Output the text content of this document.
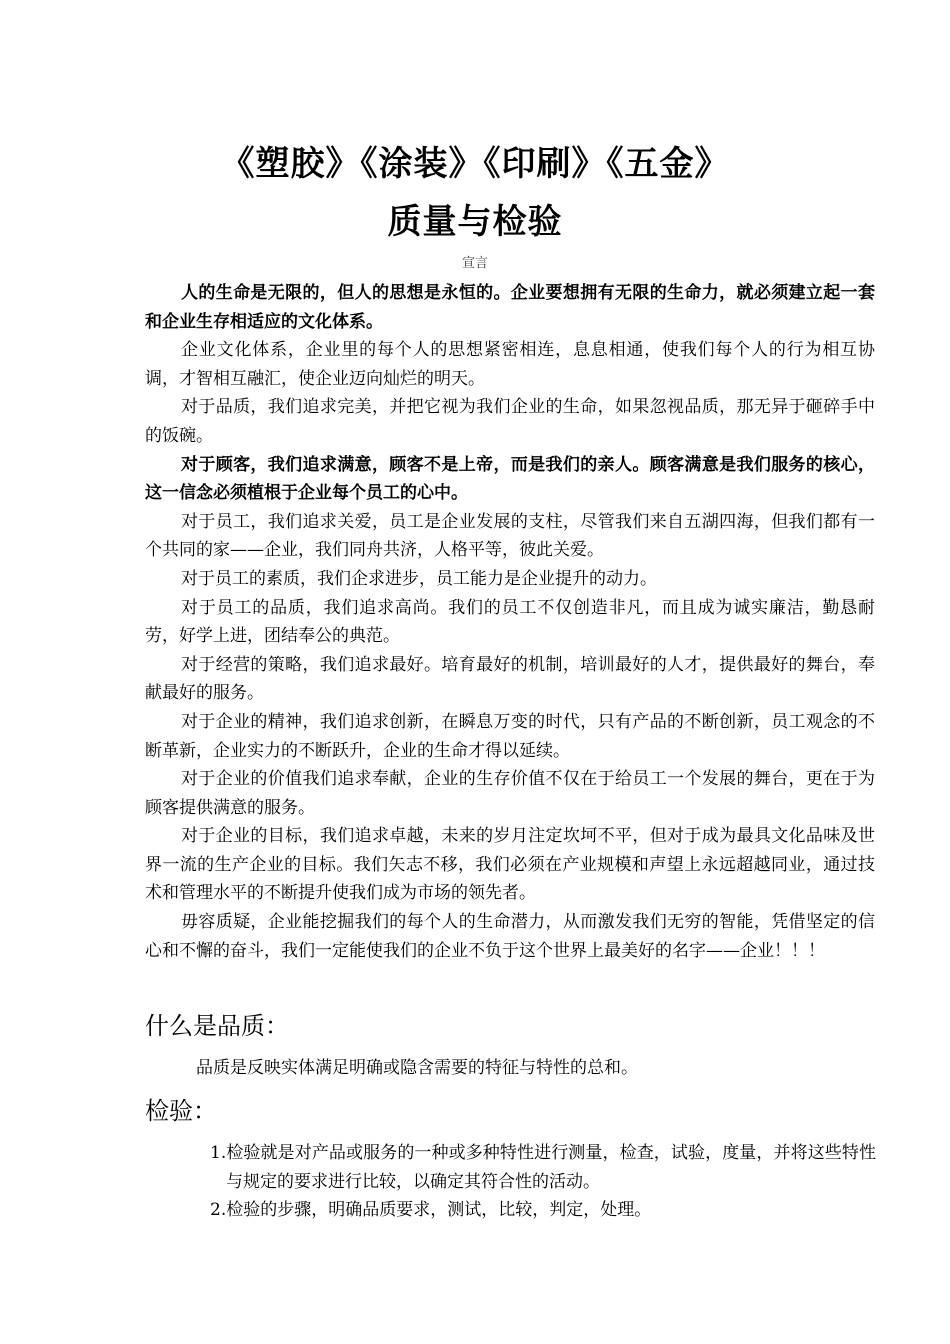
《塑胶》《涂装》《印刷》《五金》
质量与检验
宣言

人的生命是无限的，但人的思想是永恒的。企业要想拥有无限的生命力，就必须建立起一套和企业生存相适应的文化体系。

企业文化体系，企业里的每个人的思想紧密相连，息息相通，使我们每个人的行为相互协调，才智相互融汇，使企业迈向灿烂的明天。

对于品质，我们追求完美，并把它视为我们企业的生命，如果忽视品质，那无异于砸碎手中的饭碗。

对于顾客，我们追求满意，顾客不是上帝，而是我们的亲人。顾客满意是我们服务的核心，这一信念必须植根于企业每个员工的心中。

对于员工，我们追求关爱，员工是企业发展的支柱，尽管我们来自五湖四海，但我们都有一个共同的家——企业，我们同舟共济，人格平等，彼此关爱。

对于员工的素质，我们企求进步，员工能力是企业提升的动力。

对于员工的品质，我们追求高尚。我们的员工不仅创造非凡，而且成为诚实廉洁，勤恳耐劳，好学上进，团结奉公的典范。

对于经营的策略，我们追求最好。培育最好的机制，培训最好的人才，提供最好的舞台，奉献最好的服务。

对于企业的精神，我们追求创新，在瞬息万变的时代，只有产品的不断创新，员工观念的不断革新，企业实力的不断跃升，企业的生命才得以延续。

对于企业的价值我们追求奉献，企业的生存价值不仅在于给员工一个发展的舞台，更在于为顾客提供满意的服务。

对于企业的目标，我们追求卓越，未来的岁月注定坎坷不平，但对于成为最具文化品味及世界一流的生产企业的目标。我们矢志不移，我们必须在产业规模和声望上永远超越同业，通过技术和管理水平的不断提升使我们成为市场的领先者。

毋容质疑，企业能挖掘我们的每个人的生命潜力，从而激发我们无穷的智能，凭借坚定的信心和不懈的奋斗，我们一定能使我们的企业不负于这个世界上最美好的名字——企业！！！

什么是品质：
品质是反映实体满足明确或隐含需要的特征与特性的总和。
检验：

1.检验就是对产品或服务的一种或多种特性进行测量，检查，试验，度量，并将这些特性与规定的要求进行比较，以确定其符合性的活动。

2.检验的步骤，明确品质要求，测试，比较，判定，处理。
